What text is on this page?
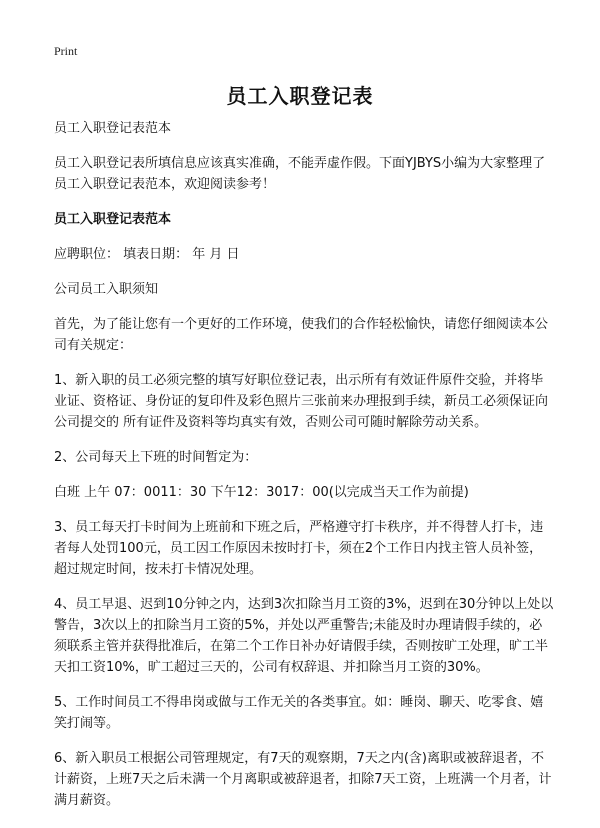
Print
员工入职登记表

员工入职登记表范本

员工入职登记表所填信息应该真实准确，不能弄虚作假。下面YJBYS小编为大家整理了员工入职登记表范本，欢迎阅读参考！

员工入职登记表范本

应聘职位： 填表日期： 年 月 日

公司员工入职须知

首先，为了能让您有一个更好的工作环境，使我们的合作轻松愉快，请您仔细阅读本公司有关规定：

1、新入职的员工必须完整的填写好职位登记表，出示所有有效证件原件交验，并将毕业证、资格证、身份证的复印件及彩色照片三张前来办理报到手续，新员工必须保证向公司提交的 所有证件及资料等均真实有效，否则公司可随时解除劳动关系。

2、公司每天上下班的时间暂定为：

白班 上午 07：0011：30 下午12：3017：00(以完成当天工作为前提)

3、员工每天打卡时间为上班前和下班之后，严格遵守打卡秩序，并不得替人打卡，违者每人处罚100元，员工因工作原因未按时打卡，须在2个工作日内找主管人员补签，超过规定时间，按未打卡情况处理。

4、员工早退、迟到10分钟之内，达到3次扣除当月工资的3%，迟到在30分钟以上处以警告，3次以上的扣除当月工资的5%，并处以严重警告;未能及时办理请假手续的，必须联系主管并获得批准后，在第二个工作日补办好请假手续，否则按旷工处理，旷工半天扣工资10%，旷工超过三天的，公司有权辞退、并扣除当月工资的30%。

5、工作时间员工不得串岗或做与工作无关的各类事宜。如：睡岗、聊天、吃零食、嬉笑打闹等。

6、新入职员工根据公司管理规定，有7天的观察期，7天之内(含)离职或被辞退者，不计薪资，上班7天之后未满一个月离职或被辞退者，扣除7天工资，上班满一个月者，计满月薪资。
